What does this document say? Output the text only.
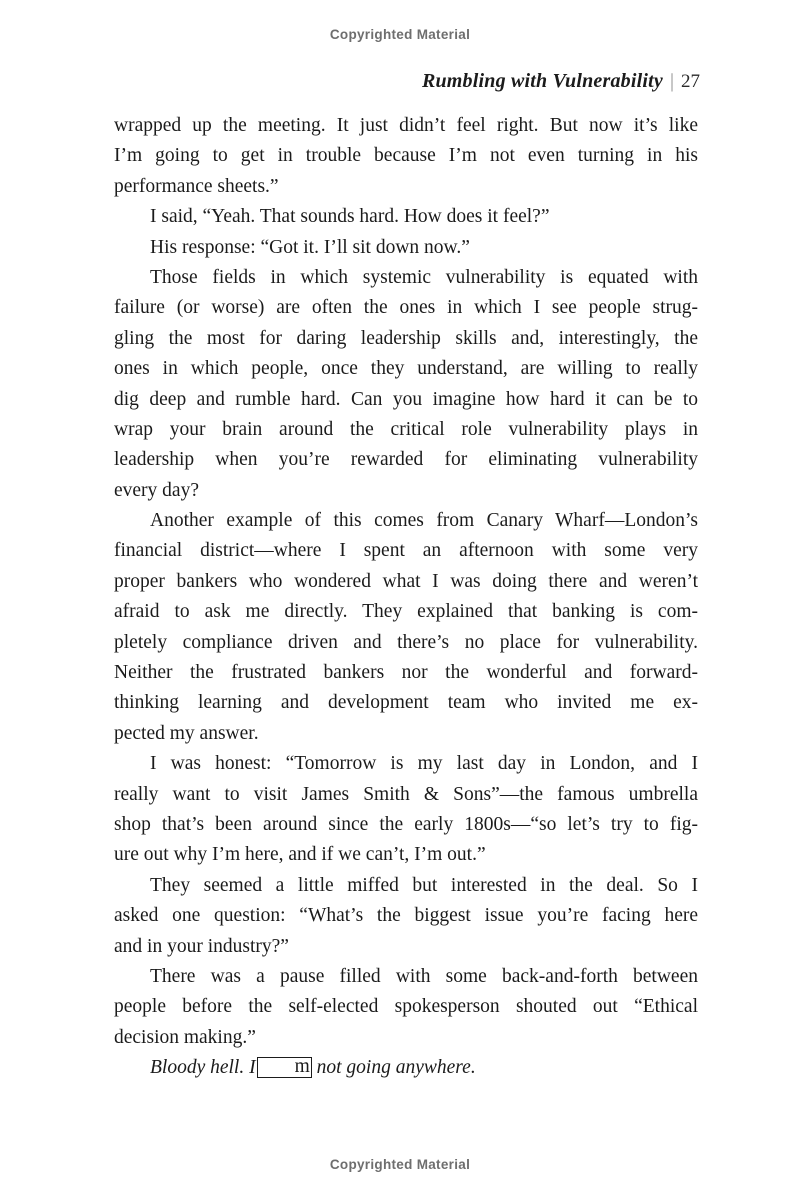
Copyrighted Material
Rumbling with Vulnerability | 27
wrapped up the meeting. It just didn’t feel right. But now it’s like
I’m going to get in trouble because I’m not even turning in his
performance sheets.”
I said, “Yeah. That sounds hard. How does it feel?”
His response: “Got it. I’ll sit down now.”
Those fields in which systemic vulnerability is equated with
failure (or worse) are often the ones in which I see people strug-
gling the most for daring leadership skills and, interestingly, the
ones in which people, once they understand, are willing to really
dig deep and rumble hard. Can you imagine how hard it can be to
wrap your brain around the critical role vulnerability plays in
leadership when you’re rewarded for eliminating vulnerability
every day?
Another example of this comes from Canary Wharf—London’s
financial district—where I spent an afternoon with some very
proper bankers who wondered what I was doing there and weren’t
afraid to ask me directly. They explained that banking is com-
pletely compliance driven and there’s no place for vulnerability.
Neither the frustrated bankers nor the wonderful and forward-
thinking learning and development team who invited me ex-
pected my answer.
I was honest: “Tomorrow is my last day in London, and I
really want to visit James Smith & Sons”—the famous umbrella
shop that’s been around since the early 1800s—“so let’s try to fig-
ure out why I’m here, and if we can’t, I’m out.”
They seemed a little miffed but interested in the deal. So I
asked one question: “What’s the biggest issue you’re facing here
and in your industry?”
There was a pause filled with some back-and-forth between
people before the self-elected spokesperson shouted out “Ethical
decision making.”
Bloody hell. I m not going anywhere.
Copyrighted Material
